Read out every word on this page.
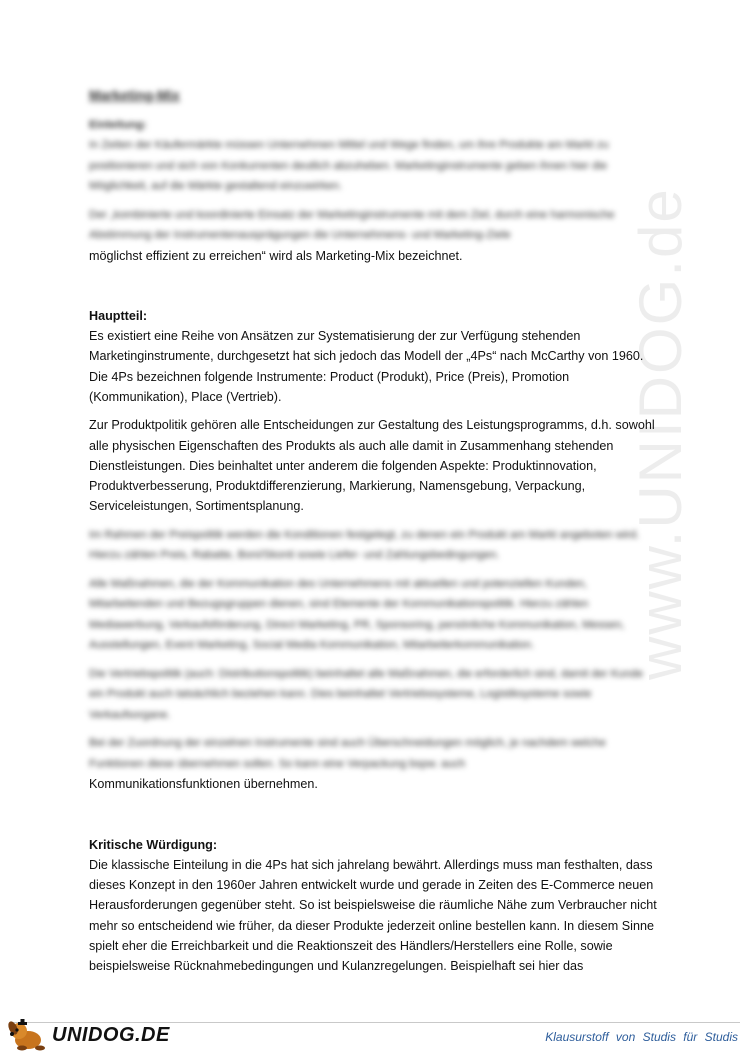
Marketing-Mix
Einleitung:

In Zeiten der Käufermärkte müssen Unternehmen Mittel und Wege finden, um ihre Produkte am Markt zu positionieren und sich von Konkurrenten deutlich abzuheben. Marketinginstrumente geben ihnen hier die Möglichkeit, auf die Märkte gestaltend einzuwirken.

Der „kombinierte und koordinierte Einsatz der Marketinginstrumente mit dem Ziel, durch eine harmonische Abstimmung der Instrumentenausprägungen die Unternehmens- und Marketing-Ziele

möglichst effizient zu erreichen“ wird als Marketing-Mix bezeichnet.

Hauptteil:

Es existiert eine Reihe von Ansätzen zur Systematisierung der zur Verfügung stehenden Marketinginstrumente, durchgesetzt hat sich jedoch das Modell der „4Ps“ nach McCarthy von 1960. Die 4Ps bezeichnen folgende Instrumente: Product (Produkt), Price (Preis), Promotion (Kommunikation), Place (Vertrieb).

Zur Produktpolitik gehören alle Entscheidungen zur Gestaltung des Leistungsprogramms, d.h. sowohl alle physischen Eigenschaften des Produkts als auch alle damit in Zusammenhang stehenden Dienstleistungen. Dies beinhaltet unter anderem die folgenden Aspekte: Produktinnovation, Produktverbesserung, Produktdifferenzierung, Markierung, Namensgebung, Verpackung, Serviceleistungen, Sortimentsplanung.

Im Rahmen der Preispolitik werden die Konditionen festgelegt, zu denen ein Produkt am Markt angeboten wird. Hierzu zählen Preis, Rabatte, Boni/Skonti sowie Liefer- und Zahlungsbedingungen.

Alle Maßnahmen, die der Kommunikation des Unternehmens mit aktuellen und potenziellen Kunden, Mitarbeitenden und Bezugsgruppen dienen, sind Elemente der Kommunikationspolitik. Hierzu zählen Mediawerbung, Verkaufsförderung, Direct Marketing, PR, Sponsoring, persönliche Kommunikation, Messen, Ausstellungen, Event Marketing, Social Media Kommunikation, Mitarbeiterkommunikation.

Die Vertriebspolitik (auch: Distributionspolitik) beinhaltet alle Maßnahmen, die erforderlich sind, damit der Kunde ein Produkt auch tatsächlich beziehen kann. Dies beinhaltet Vertriebssysteme, Logistiksysteme sowie Verkaufsorgane.

Bei der Zuordnung der einzelnen Instrumente sind auch Überschneidungen möglich, je nachdem welche Funktionen diese übernehmen sollen. So kann eine Verpackung bspw. auch

Kommunikationsfunktionen übernehmen.

Kritische Würdigung:

Die klassische Einteilung in die 4Ps hat sich jahrelang bewährt. Allerdings muss man festhalten, dass dieses Konzept in den 1960er Jahren entwickelt wurde und gerade in Zeiten des E-Commerce neuen Herausforderungen gegenüber steht. So ist beispielsweise die räumliche Nähe zum Verbraucher nicht mehr so entscheidend wie früher, da dieser Produkte jederzeit online bestellen kann. In diesem Sinne spielt eher die Erreichbarkeit und die Reaktionszeit des Händlers/Herstellers eine Rolle, sowie beispielsweise Rücknahmebedingungen und Kulanzregelungen. Beispielhaft sei hier das

www.UNIDOG.de
UNIDOG.DE	Klausurstoff von Studis für Studis
